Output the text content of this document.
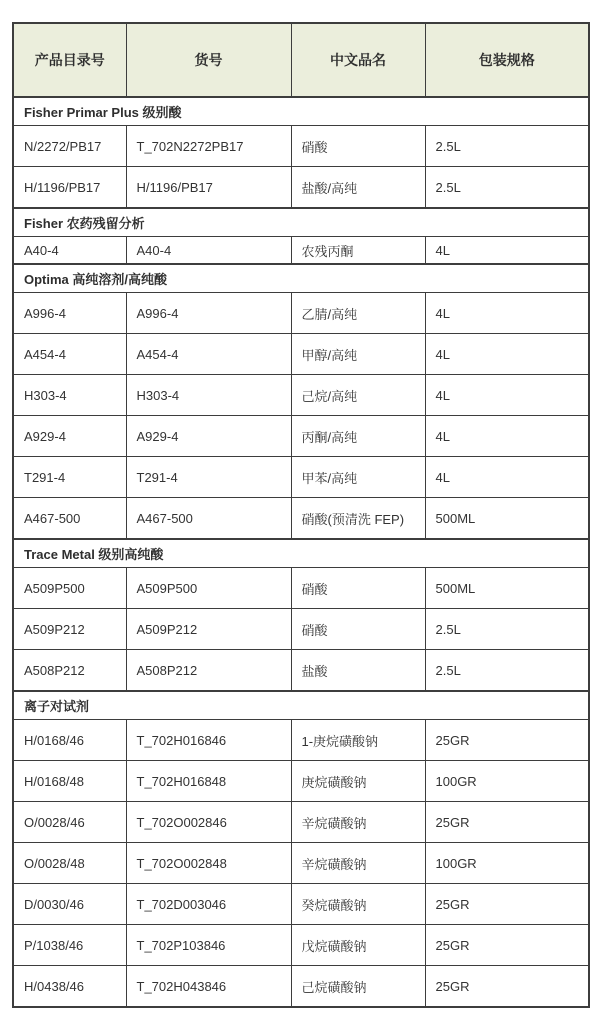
产品目录号	货号	中文品名	包装规格
Fisher Primar Plus 级别酸			
N/2272/PB17	T_702N2272PB17	硝酸	2.5L
H/1196/PB17	H/1196/PB17	盐酸/高纯	2.5L
Fisher 农药残留分析			
A40-4	A40-4	农残丙酮	4L
Optima 高纯溶剂/高纯酸			
A996-4	A996-4	乙腈/高纯	4L
A454-4	A454-4	甲醇/高纯	4L
H303-4	H303-4	己烷/高纯	4L
A929-4	A929-4	丙酮/高纯	4L
T291-4	T291-4	甲苯/高纯	4L
A467-500	A467-500	硝酸(预清洗 FEP)	500ML
Trace Metal 级别高纯酸			
A509P500	A509P500	硝酸	500ML
A509P212	A509P212	硝酸	2.5L
A508P212	A508P212	盐酸	2.5L
离子对试剂			
H/0168/46	T_702H016846	1-庚烷磺酸钠	25GR
H/0168/48	T_702H016848	庚烷磺酸钠	100GR
O/0028/46	T_702O002846	辛烷磺酸钠	25GR
O/0028/48	T_702O002848	辛烷磺酸钠	100GR
D/0030/46	T_702D003046	癸烷磺酸钠	25GR
P/1038/46	T_702P103846	戊烷磺酸钠	25GR
H/0438/46	T_702H043846	己烷磺酸钠	25GR
